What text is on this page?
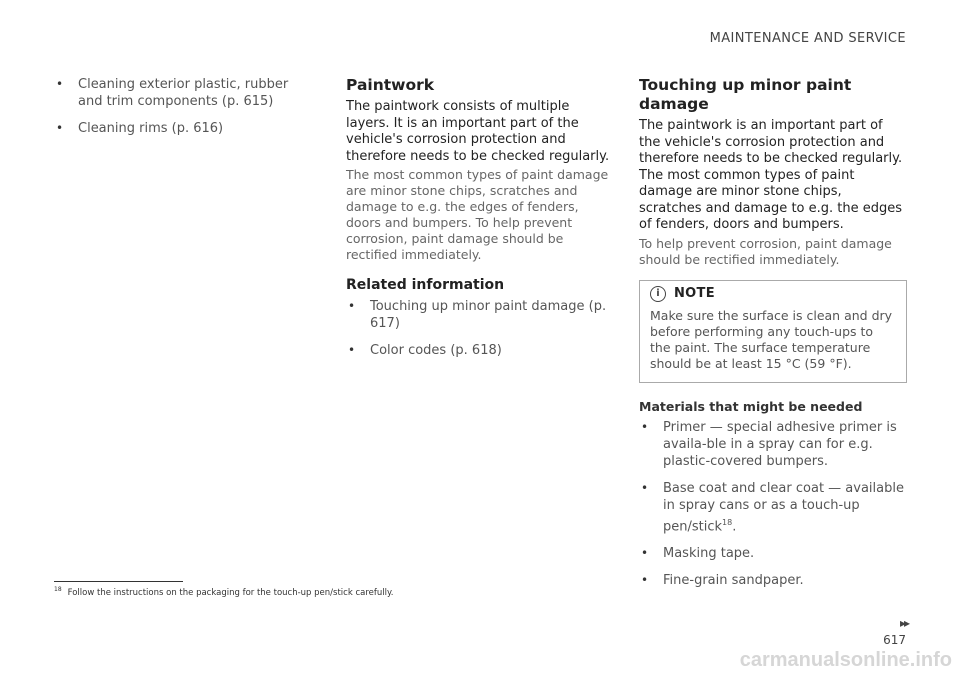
MAINTENANCE AND SERVICE
• Cleaning exterior plastic, rubber and trim components (p. 615)
• Cleaning rims (p. 616)
Paintwork

The paintwork consists of multiple layers. It is an important part of the vehicle's corrosion protection and therefore needs to be checked regularly.

The most common types of paint damage are minor stone chips, scratches and damage to e.g. the edges of fenders, doors and bumpers. To help prevent corrosion, paint damage should be rectified immediately.

Related information
• Touching up minor paint damage (p. 617)
• Color codes (p. 618)
Touching up minor paint damage

The paintwork is an important part of the vehicle's corrosion protection and therefore needs to be checked regularly. The most common types of paint damage are minor stone chips, scratches and damage to e.g. the edges of fenders, doors and bumpers.

To help prevent corrosion, paint damage should be rectified immediately.

i	NOTE

Make sure the surface is clean and dry before performing any touch-ups to the paint. The surface temperature should be at least 15 °C (59 °F).

Materials that might be needed
• Primer — special adhesive primer is availa-ble in a spray can for e.g. plastic-covered bumpers.
• Base coat and clear coat — available in spray cans or as a touch-up pen/stick$^{18}$.
• Masking tape.
• Fine-grain sandpaper.
$^{18}$ Follow the instructions on the packaging for the touch-up pen/stick carefully.
▸▸
617
carmanualsonline.info
